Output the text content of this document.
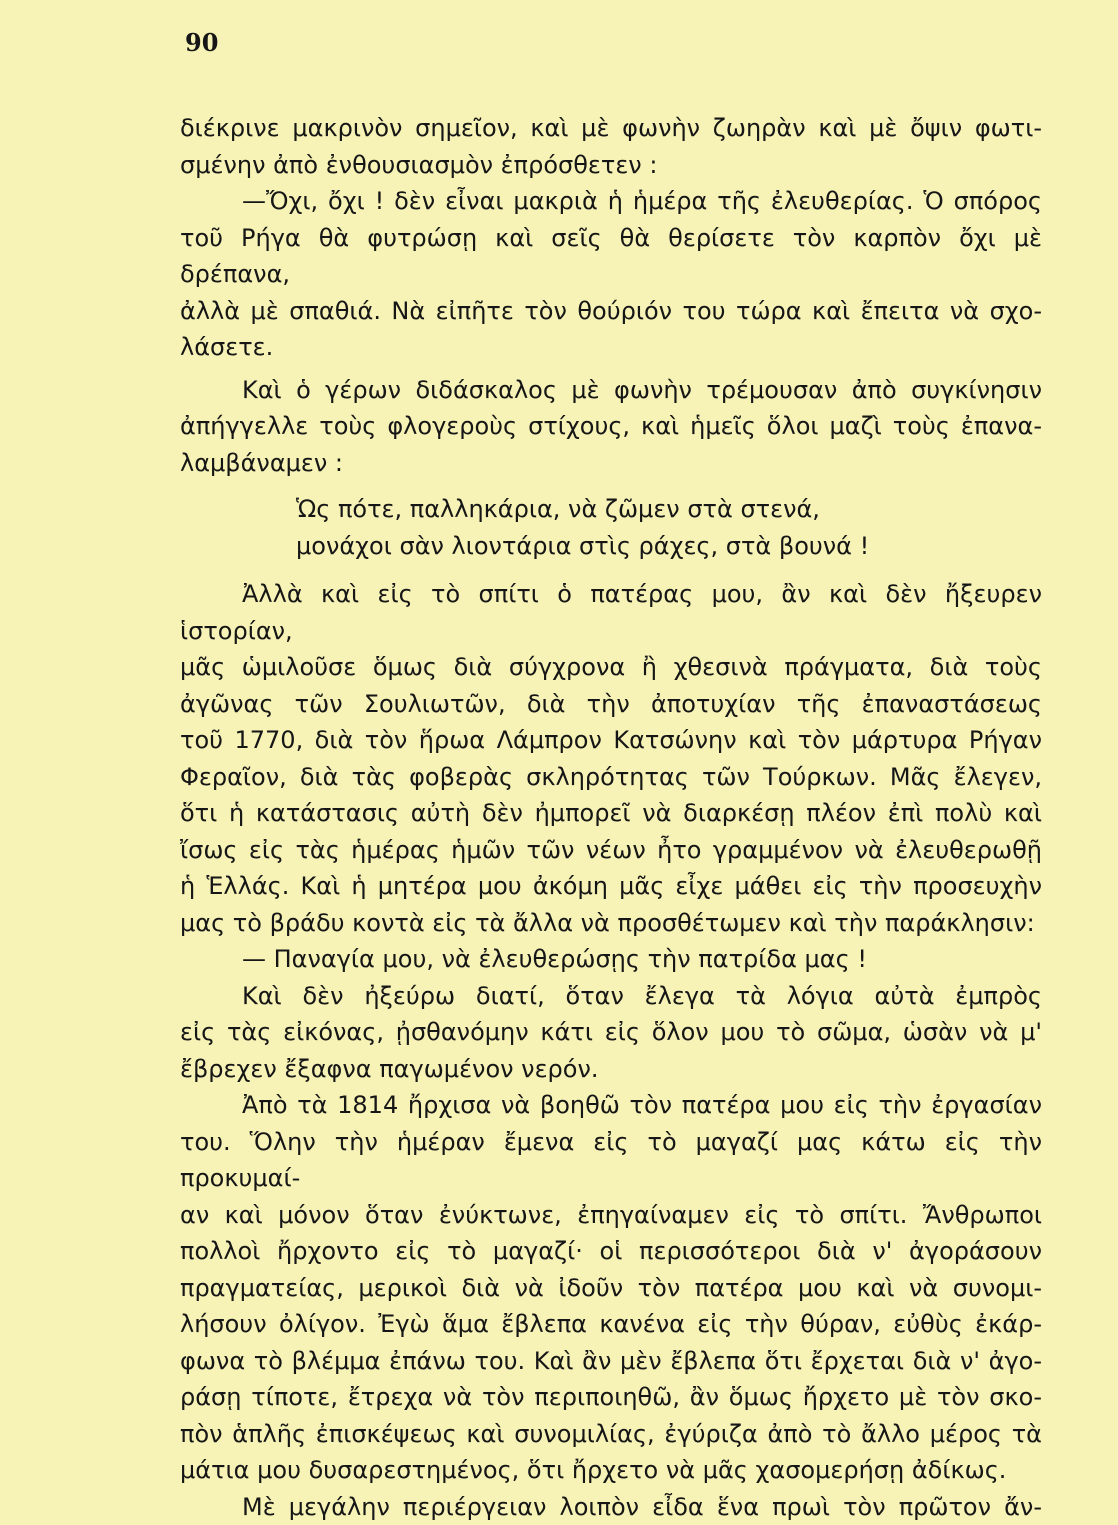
90

διέκρινε μακρινὸν σημεῖον, καὶ μὲ φωνὴν ζωηρὰν καὶ μὲ ὄψιν φωτι-

σμένην ἀπὸ ἐνθουσιασμὸν ἐπρόσθετεν :

—Ὄχι, ὄχι ! δὲν εἶναι μακριὰ ἡ ἡμέρα τῆς ἐλευθερίας. Ὁ σπόρος

τοῦ Ρήγα θὰ φυτρώσῃ καὶ σεῖς θὰ θερίσετε τὸν καρπὸν ὄχι μὲ δρέπανα,

ἀλλὰ μὲ σπαθιά. Νὰ εἰπῆτε τὸν θούριόν του τώρα καὶ ἔπειτα νὰ σχο-

λάσετε.

Καὶ ὁ γέρων διδάσκαλος μὲ φωνὴν τρέμουσαν ἀπὸ συγκίνησιν

ἀπήγγελλε τοὺς φλογεροὺς στίχους, καὶ ἡμεῖς ὅλοι μαζὶ τοὺς ἐπανα-

λαμβάναμεν :

Ὡς πότε, παλληκάρια, νὰ ζῶμεν στὰ στενά,
μονάχοι σὰν λιοντάρια στὶς ράχες, στὰ βουνά !

Ἀλλὰ καὶ εἰς τὸ σπίτι ὁ πατέρας μου, ἂν καὶ δὲν ἤξευρεν ἱστορίαν,

μᾶς ὡμιλοῦσε ὅμως διὰ σύγχρονα ἢ χθεσινὰ πράγματα, διὰ τοὺς

ἀγῶνας τῶν Σουλιωτῶν, διὰ τὴν ἀποτυχίαν τῆς ἐπαναστάσεως

τοῦ 1770, διὰ τὸν ἥρωα Λάμπρον Κατσώνην καὶ τὸν μάρτυρα Ρήγαν

Φεραῖον, διὰ τὰς φοβερὰς σκληρότητας τῶν Τούρκων. Μᾶς ἔλεγεν,

ὅτι ἡ κατάστασις αὐτὴ δὲν ἠμπορεῖ νὰ διαρκέσῃ πλέον ἐπὶ πολὺ καὶ

ἴσως εἰς τὰς ἡμέρας ἡμῶν τῶν νέων ἦτο γραμμένον νὰ ἐλευθερωθῇ

ἡ Ἑλλάς. Καὶ ἡ μητέρα μου ἀκόμη μᾶς εἶχε μάθει εἰς τὴν προσευχὴν

μας τὸ βράδυ κοντὰ εἰς τὰ ἄλλα νὰ προσθέτωμεν καὶ τὴν παράκλησιν:

— Παναγία μου, νὰ ἐλευθερώσῃς τὴν πατρίδα μας !

Καὶ δὲν ἠξεύρω διατί, ὅταν ἔλεγα τὰ λόγια αὐτὰ ἐμπρὸς

εἰς τὰς εἰκόνας, ᾐσθανόμην κάτι εἰς ὅλον μου τὸ σῶμα, ὡσὰν νὰ μ'

ἔβρεχεν ἔξαφνα παγωμένον νερόν.

Ἀπὸ τὰ 1814 ἤρχισα νὰ βοηθῶ τὸν πατέρα μου εἰς τὴν ἐργασίαν

του. Ὅλην τὴν ἡμέραν ἔμενα εἰς τὸ μαγαζί μας κάτω εἰς τὴν προκυμαί-

αν καὶ μόνον ὅταν ἐνύκτωνε, ἐπηγαίναμεν εἰς τὸ σπίτι. Ἄνθρωποι

πολλοὶ ἤρχοντο εἰς τὸ μαγαζί· οἱ περισσότεροι διὰ ν' ἀγοράσουν

πραγματείας, μερικοὶ διὰ νὰ ἰδοῦν τὸν πατέρα μου καὶ νὰ συνομι-

λήσουν ὀλίγον. Ἐγὼ ἅμα ἔβλεπα κανένα εἰς τὴν θύραν, εὐθὺς ἐκάρ-

φωνα τὸ βλέμμα ἐπάνω του. Καὶ ἂν μὲν ἔβλεπα ὅτι ἔρχεται διὰ ν' ἀγο-

ράσῃ τίποτε, ἔτρεχα νὰ τὸν περιποιηθῶ, ἂν ὅμως ἤρχετο μὲ τὸν σκο-

πὸν ἁπλῆς ἐπισκέψεως καὶ συνομιλίας, ἐγύριζα ἀπὸ τὸ ἄλλο μέρος τὰ

μάτια μου δυσαρεστημένος, ὅτι ἤρχετο νὰ μᾶς χασομερήσῃ ἀδίκως.

Μὲ μεγάλην περιέργειαν λοιπὸν εἶδα ἕνα πρωὶ τὸν πρῶτον ἄν-
